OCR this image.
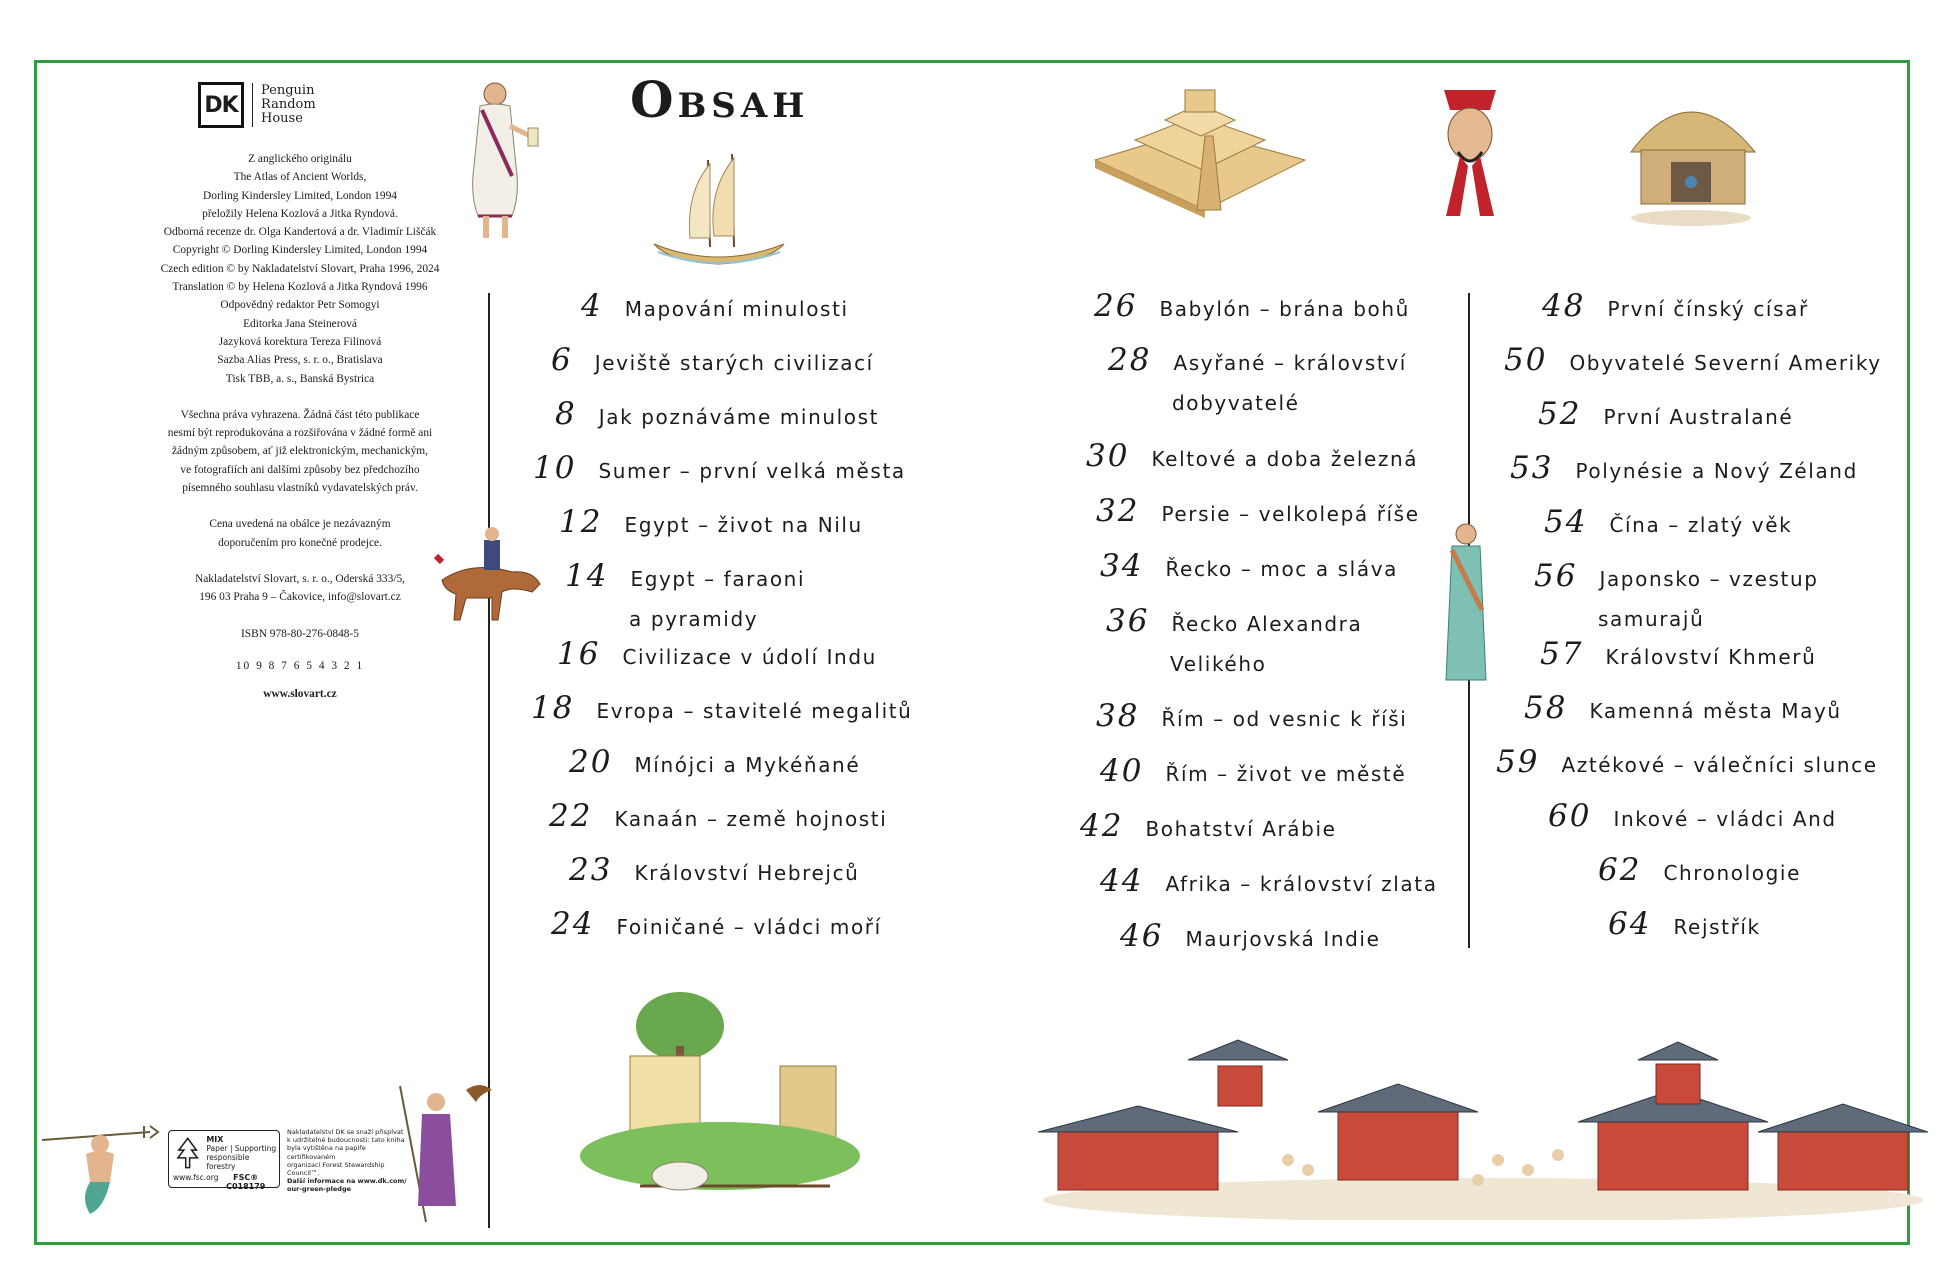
DK
Penguin
Random
House

Z anglického originálu

The Atlas of Ancient Worlds,

Dorling Kindersley Limited, London 1994

přeložily Helena Kozlová a Jitka Ryndová.

Odborná recenze dr. Olga Kandertová a dr. Vladimír Liščák

Copyright © Dorling Kindersley Limited, London 1994

Czech edition © by Nakladatelství Slovart, Praha 1996, 2024

Translation © by Helena Kozlová a Jitka Ryndová 1996

Odpovědný redaktor Petr Somogyi

Editorka Jana Steinerová

Jazyková korektura Tereza Filinová

Sazba Alias Press, s. r. o., Bratislava

Tisk TBB, a. s., Banská Bystrica

Všechna práva vyhrazena. Žádná část této publikace

nesmí být reprodukována a rozšiřována v žádné formě ani

žádným způsobem, ať již elektronickým, mechanickým,

ve fotografiích ani dalšími způsoby bez předchozího

písemného souhlasu vlastníků vydavatelských práv.

Cena uvedená na obálce je nezávazným

doporučením pro konečné prodejce.

Nakladatelství Slovart, s. r. o., Oderská 333/5,

196 03 Praha 9 – Čakovice, info@slovart.cz

ISBN 978-80-276-0848-5

10 9 8 7 6 5 4 3 2 1

www.slovart.cz

MIX
Paper | Supporting
responsible forestry
www.fsc.org	FSC® C018179
Nakladatelství DK se snaží přispívat
k udržitelné budoucnosti: tato kniha
byla vytištěna na papíře certifikovaném
organizací Forest Stewardship Council™.
Další informace na www.dk.com/
our-green-pledge
OBSAH
4 Mapování minulosti
6 Jeviště starých civilizací
8 Jak poznáváme minulost
10 Sumer – první velká města
12 Egypt – život na Nilu
14 Egypt – faraoni
a pyramidy
16 Civilizace v údolí Indu
18 Evropa – stavitelé megalitů
20 Mínójci a Mykéňané
22 Kanaán – země hojnosti
23 Království Hebrejců
24 Foiničané – vládci moří
26 Babylón – brána bohů
28 Asyřané – království
dobyvatelé
30 Keltové a doba železná
32 Persie – velkolepá říše
34 Řecko – moc a sláva
36 Řecko Alexandra
Velikého
38 Řím – od vesnic k říši
40 Řím – život ve městě
42 Bohatství Arábie
44 Afrika – království zlata
46 Maurjovská Indie
48 První čínský císař
50 Obyvatelé Severní Ameriky
52 První Australané
53 Polynésie a Nový Zéland
54 Čína – zlatý věk
56 Japonsko – vzestup
samurajů
57 Království Khmerů
58 Kamenná města Mayů
59 Aztékové – válečníci slunce
60 Inkové – vládci And
62 Chronologie
64 Rejstřík
